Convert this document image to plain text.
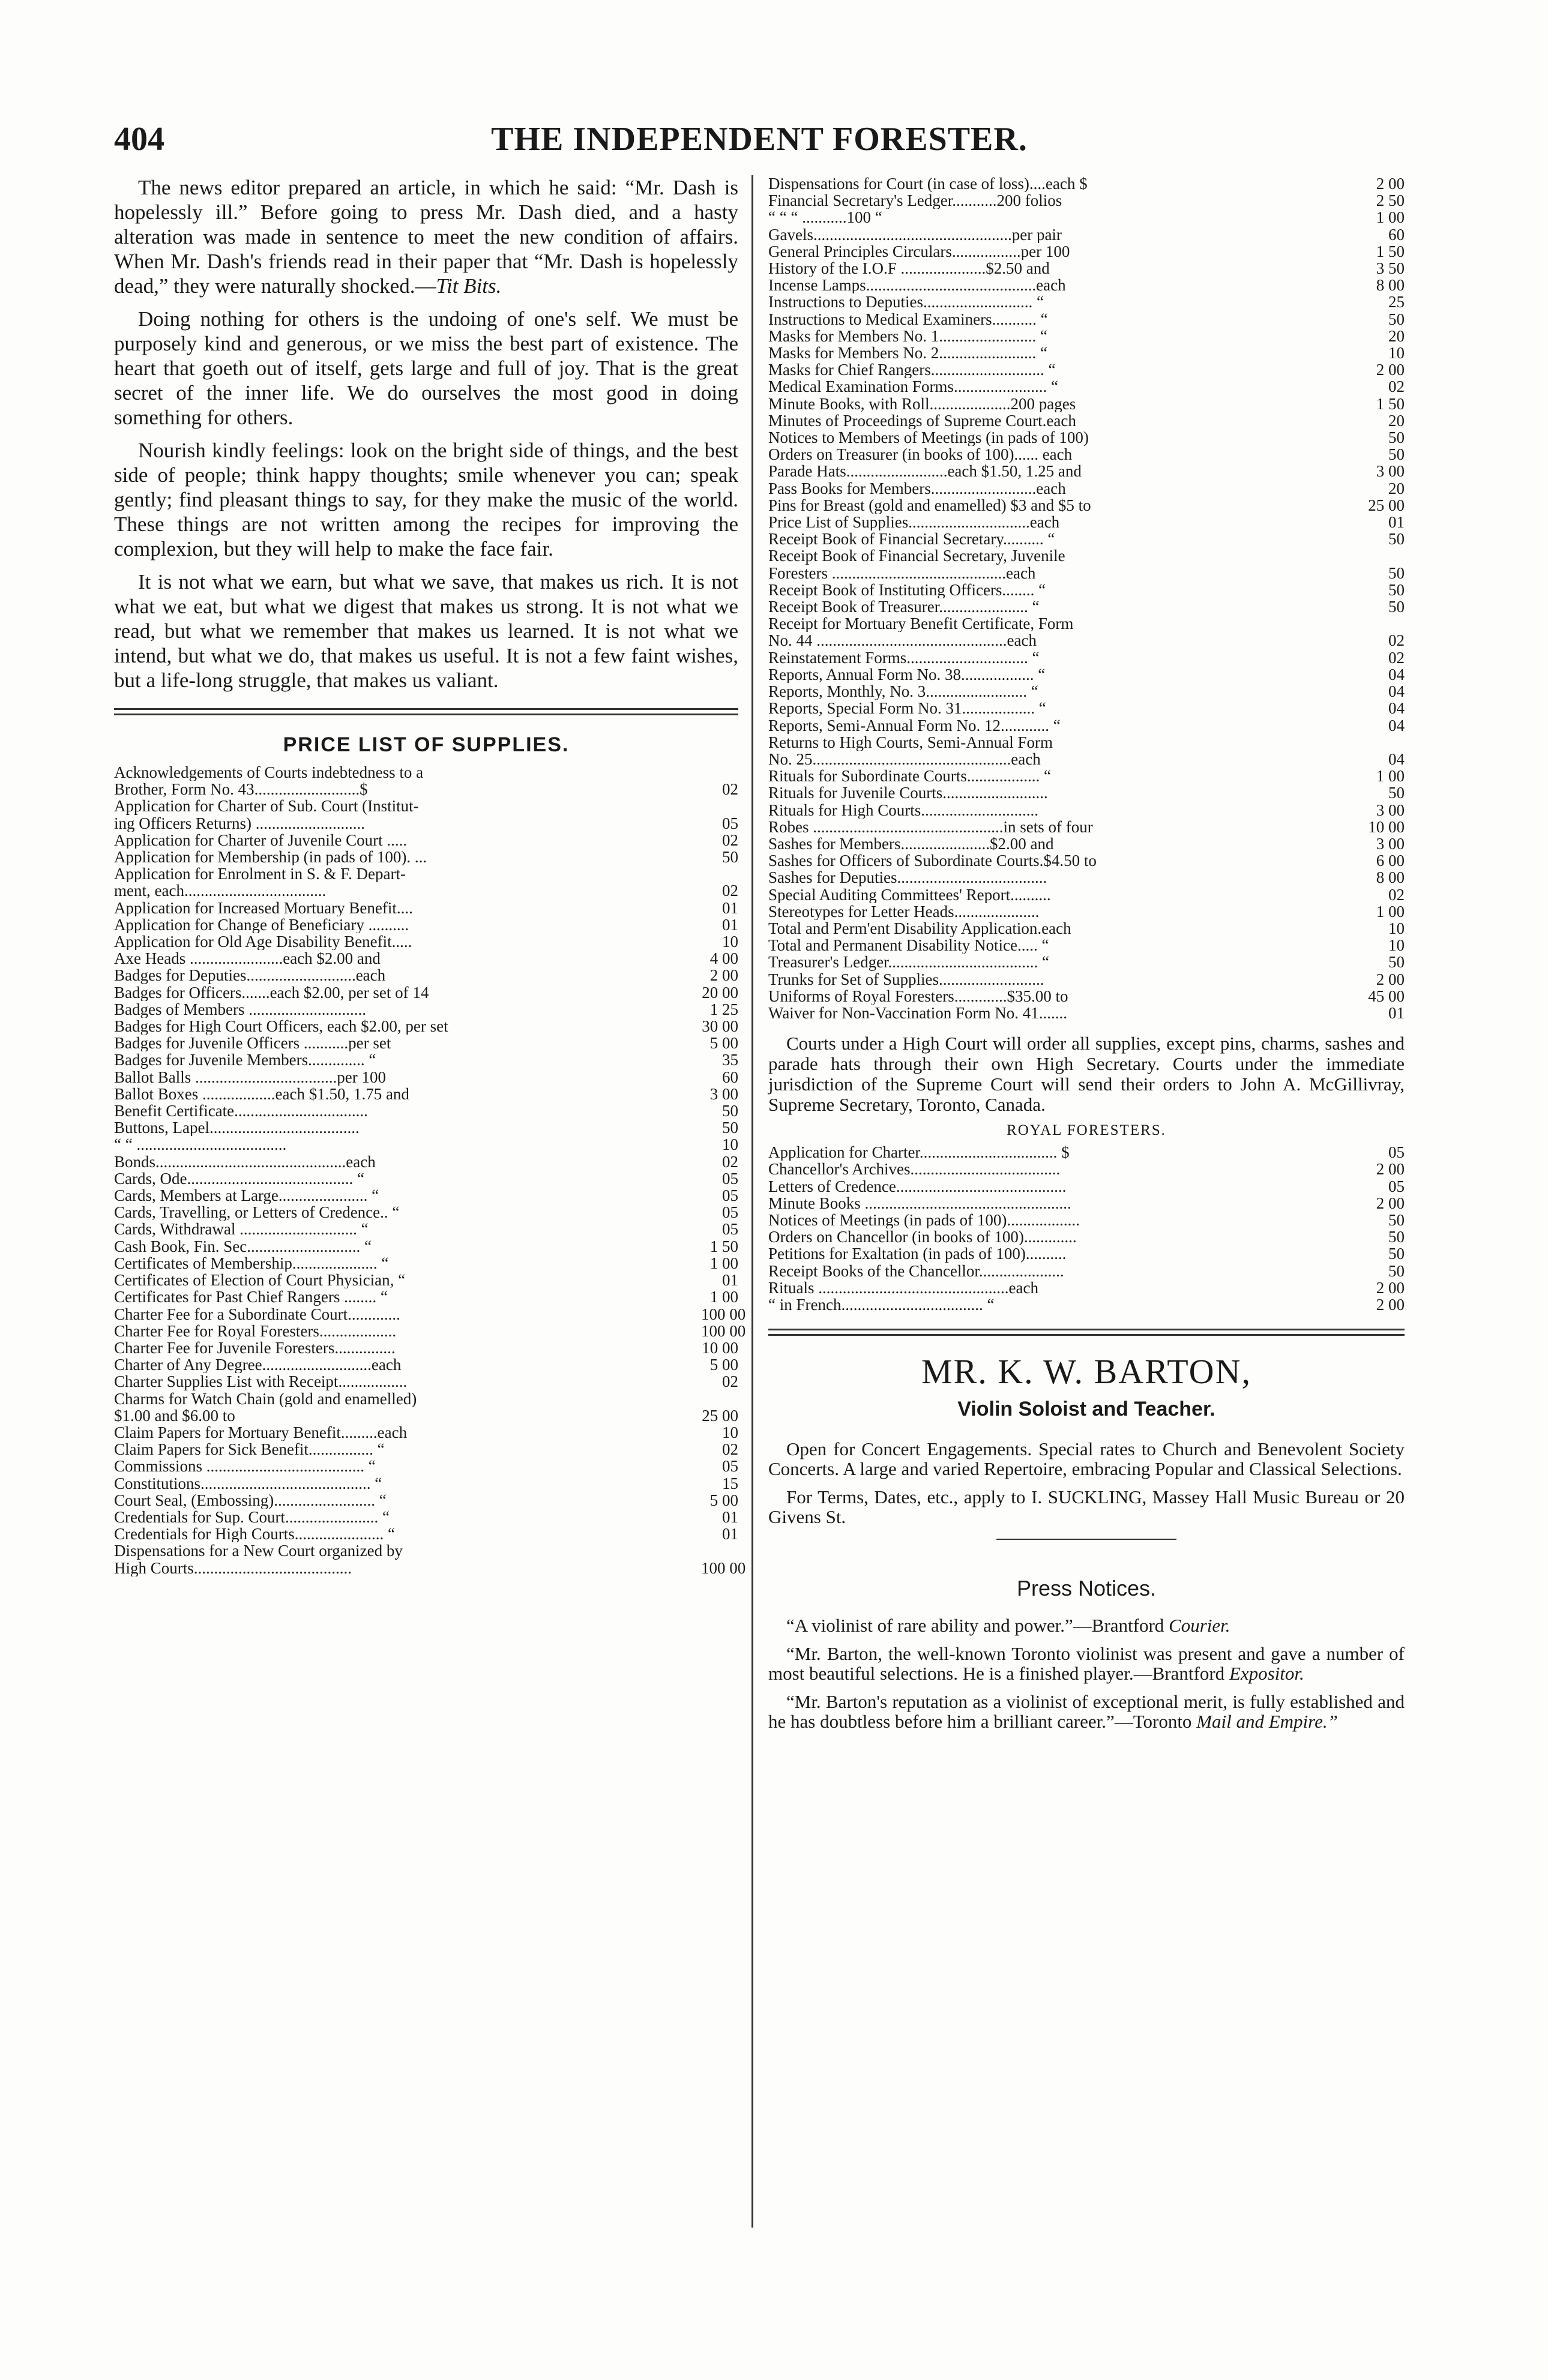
THE INDEPENDENT FORESTER.
404

The news editor prepared an article, in which he said: “Mr. Dash is hopelessly ill.” Before going to press Mr. Dash died, and a hasty alteration was made in sentence to meet the new condition of affairs. When Mr. Dash's friends read in their paper that “Mr. Dash is hopelessly dead,” they were naturally shocked.—Tit Bits.

Doing nothing for others is the undoing of one's self. We must be purposely kind and generous, or we miss the best part of existence. The heart that goeth out of itself, gets large and full of joy. That is the great secret of the inner life. We do ourselves the most good in doing something for others.

Nourish kindly feelings: look on the bright side of things, and the best side of people; think happy thoughts; smile whenever you can; speak gently; find pleasant things to say, for they make the music of the world. These things are not written among the recipes for improving the complexion, but they will help to make the face fair.

It is not what we earn, but what we save, that makes us rich. It is not what we eat, but what we digest that makes us strong. It is not what we read, but what we remember that makes us learned. It is not what we intend, but what we do, that makes us useful. It is not a few faint wishes, but a life-long struggle, that makes us valiant.

PRICE LIST OF SUPPLIES.
Acknowledgements of Courts indebtedness to a
Brother, Form No. 43..........................$	02
Application for Charter of Sub. Court (Institut-
ing Officers Returns) ...........................	05
Application for Charter of Juvenile Court .....	02
Application for Membership (in pads of 100). ...	50
Application for Enrolment in S. & F. Depart-
ment, each...................................	02
Application for Increased Mortuary Benefit....	01
Application for Change of Beneficiary ..........	01
Application for Old Age Disability Benefit.....	10
Axe Heads .......................each $2.00 and	4 00
Badges for Deputies...........................each	2 00
Badges for Officers.......each $2.00, per set of 14	20 00
Badges of Members .............................	1 25
Badges for High Court Officers, each $2.00, per set	30 00
Badges for Juvenile Officers ...........per set	5 00
Badges for Juvenile Members.............. “	35
Ballot Balls ...................................per 100	60
Ballot Boxes ..................each $1.50, 1.75 and	3 00
Benefit Certificate.................................	50
Buttons, Lapel.....................................	50
“ “ .....................................	10
Bonds...............................................each	02
Cards, Ode......................................... “	05
Cards, Members at Large...................... “	05
Cards, Travelling, or Letters of Credence.. “	05
Cards, Withdrawal ............................. “	05
Cash Book, Fin. Sec............................ “	1 50
Certificates of Membership..................... “	1 00
Certificates of Election of Court Physician, “	01
Certificates for Past Chief Rangers ........ “	1 00
Charter Fee for a Subordinate Court.............	100 00
Charter Fee for Royal Foresters...................	100 00
Charter Fee for Juvenile Foresters...............	10 00
Charter of Any Degree...........................each	5 00
Charter Supplies List with Receipt.................	02
Charms for Watch Chain (gold and enamelled)
$1.00 and $6.00 to	25 00
Claim Papers for Mortuary Benefit.........each	10
Claim Papers for Sick Benefit................ “	02
Commissions ....................................... “	05
Constitutions.......................................... “	15
Court Seal, (Embossing)......................... “	5 00
Credentials for Sup. Court....................... “	01
Credentials for High Courts...................... “	01
Dispensations for a New Court organized by
High Courts.......................................	100 00
Dispensations for Court (in case of loss)....each $	2 00
Financial Secretary's Ledger...........200 folios	2 50
“ “ “ ...........100 “	1 00
Gavels.................................................per pair	60
General Principles Circulars.................per 100	1 50
History of the I.O.F .....................$2.50 and	3 50
Incense Lamps..........................................each	8 00
Instructions to Deputies........................... “	25
Instructions to Medical Examiners........... “	50
Masks for Members No. 1........................ “	20
Masks for Members No. 2........................ “	10
Masks for Chief Rangers............................ “	2 00
Medical Examination Forms....................... “	02
Minute Books, with Roll....................200 pages	1 50
Minutes of Proceedings of Supreme Court.each	20
Notices to Members of Meetings (in pads of 100)	50
Orders on Treasurer (in books of 100)...... each	50
Parade Hats.........................each $1.50, 1.25 and	3 00
Pass Books for Members..........................each	20
Pins for Breast (gold and enamelled) $3 and $5 to	25 00
Price List of Supplies..............................each	01
Receipt Book of Financial Secretary.......... “	50
Receipt Book of Financial Secretary, Juvenile
Foresters ...........................................each	50
Receipt Book of Instituting Officers........ “	50
Receipt Book of Treasurer...................... “	50
Receipt for Mortuary Benefit Certificate, Form
No. 44 ...............................................each	02
Reinstatement Forms.............................. “	02
Reports, Annual Form No. 38.................. “	04
Reports, Monthly, No. 3......................... “	04
Reports, Special Form No. 31.................. “	04
Reports, Semi-Annual Form No. 12............ “	04
Returns to High Courts, Semi-Annual Form
No. 25.................................................each	04
Rituals for Subordinate Courts.................. “	1 00
Rituals for Juvenile Courts..........................	50
Rituals for High Courts.............................	3 00
Robes ...............................................in sets of four	10 00
Sashes for Members......................$2.00 and	3 00
Sashes for Officers of Subordinate Courts.$4.50 to	6 00
Sashes for Deputies.....................................	8 00
Special Auditing Committees' Report..........	02
Stereotypes for Letter Heads.....................	1 00
Total and Perm'ent Disability Application.each	10
Total and Permanent Disability Notice..... “	10
Treasurer's Ledger..................................... “	50
Trunks for Set of Supplies..........................	2 00
Uniforms of Royal Foresters.............$35.00 to	45 00
Waiver for Non-Vaccination Form No. 41.......	01

Courts under a High Court will order all supplies, except pins, charms, sashes and parade hats through their own High Secretary. Courts under the immediate jurisdiction of the Supreme Court will send their orders to John A. McGillivray, Supreme Secretary, Toronto, Canada.

ROYAL FORESTERS.
Application for Charter.................................. $	05
Chancellor's Archives.....................................	2 00
Letters of Credence..........................................	05
Minute Books ...................................................	2 00
Notices of Meetings (in pads of 100)..................	50
Orders on Chancellor (in books of 100).............	50
Petitions for Exaltation (in pads of 100)..........	50
Receipt Books of the Chancellor.....................	50
Rituals ...............................................each	2 00
“ in French................................... “	2 00
MR. K. W. BARTON,
Violin Soloist and Teacher.

Open for Concert Engagements. Special rates to Church and Benevolent Society Concerts. A large and varied Repertoire, embracing Popular and Classical Selections.

For Terms, Dates, etc., apply to I. SUCKLING, Massey Hall Music Bureau or 20 Givens St.

Press Notices.

“A violinist of rare ability and power.”—Brantford Courier.

“Mr. Barton, the well-known Toronto violinist was present and gave a number of most beautiful selections. He is a finished player.—Brantford Expositor.

“Mr. Barton's reputation as a violinist of exceptional merit, is fully established and he has doubtless before him a brilliant career.”—Toronto Mail and Empire.”
